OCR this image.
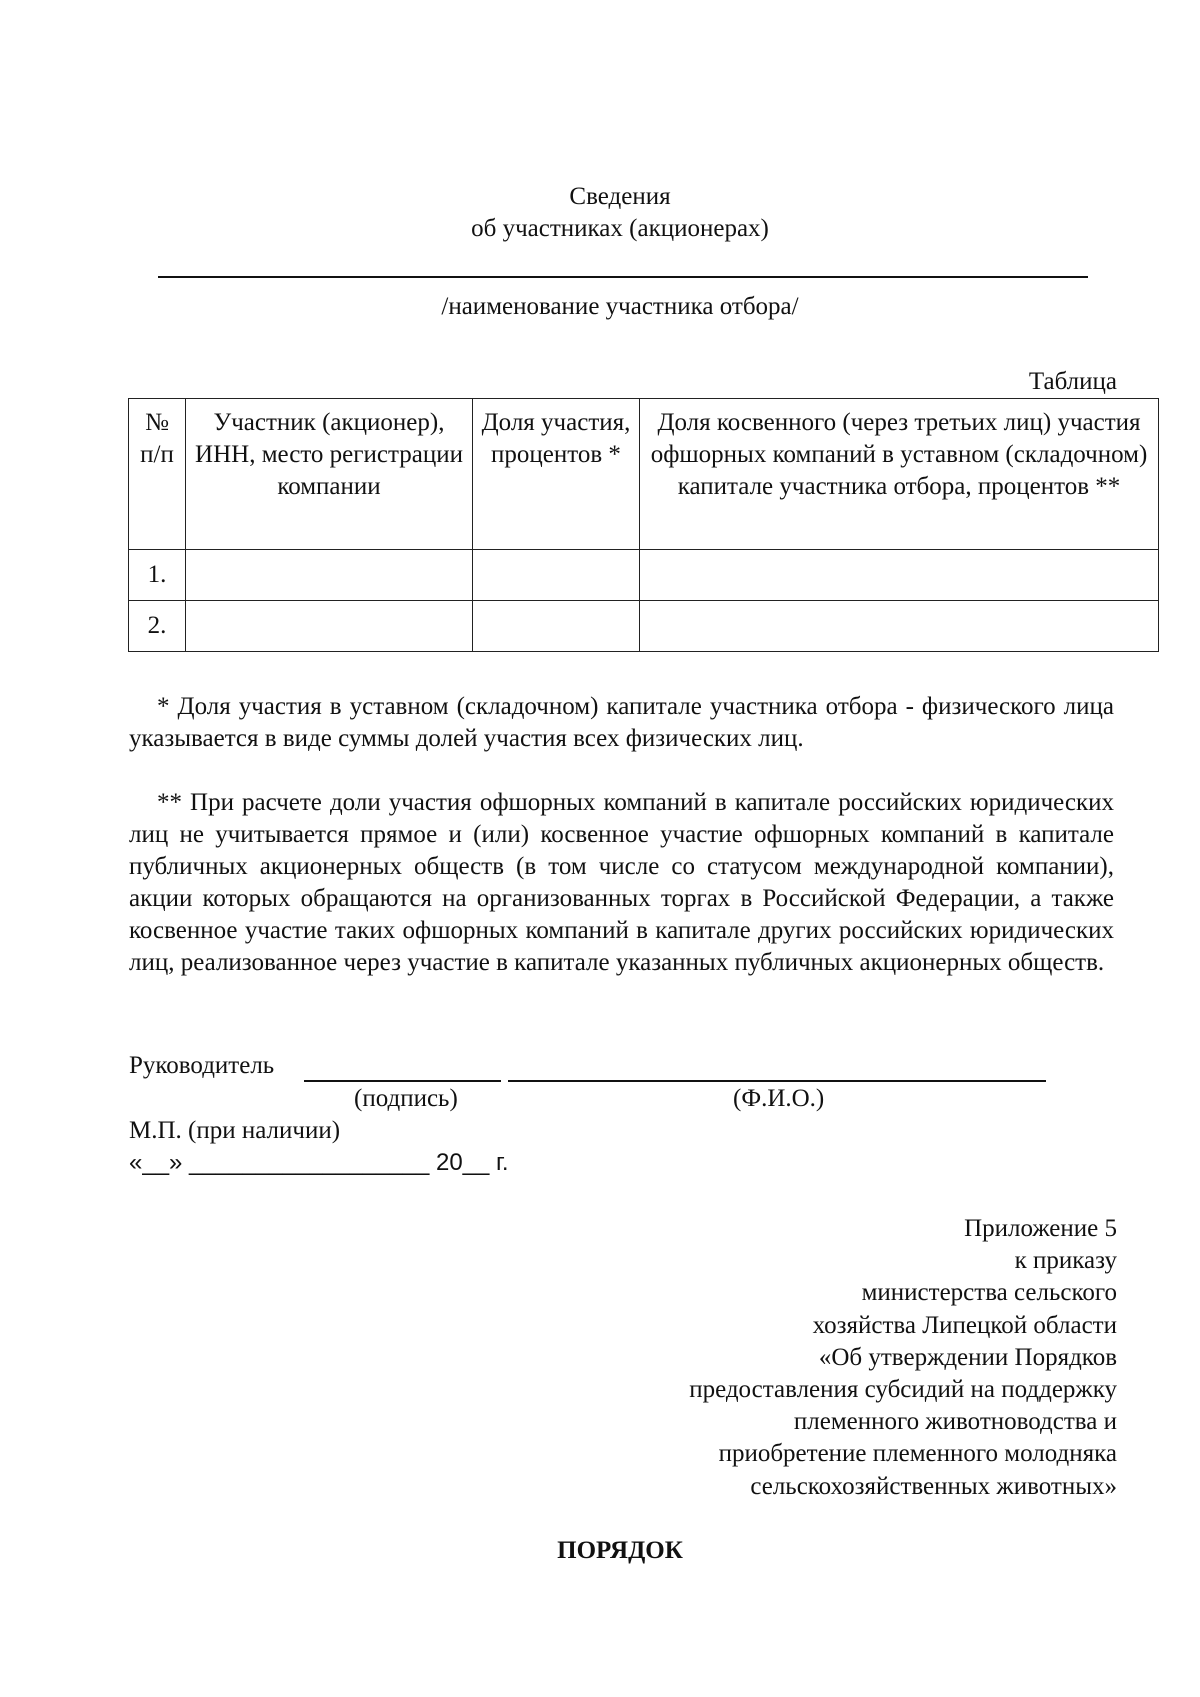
Сведения
об участниках (акционерах)
/наименование участника отбора/
Таблица
№ п/п	Участник (акционер), ИНН, место регистрации компании	Доля участия, процентов *	Доля косвенного (через третьих лиц) участия офшорных компаний в уставном (складочном) капитале участника отбора, процентов **
1.			
2.			
* Доля участия в уставном (складочном) капитале участника отбора - физического лица указывается в виде суммы долей участия всех физических лиц.
** При расчете доли участия офшорных компаний в капитале российских юридических лиц не учитывается прямое и (или) косвенное участие офшорных компаний в капитале публичных акционерных обществ (в том числе со статусом международной компании), акции которых обращаются на организованных торгах в Российской Федерации, а также косвенное участие таких офшорных компаний в капитале других российских юридических лиц, реализованное через участие в капитале указанных публичных акционерных обществ.
Руководитель
(подпись)	(Ф.И.О.)
М.П. (при наличии)
«__» __________________ 20__ г.
Приложение 5
к приказу
министерства сельского
хозяйства Липецкой области
«Об утверждении Порядков
предоставления субсидий на поддержку
племенного животноводства и
приобретение племенного молодняка
сельскохозяйственных животных»
ПОРЯДОК
